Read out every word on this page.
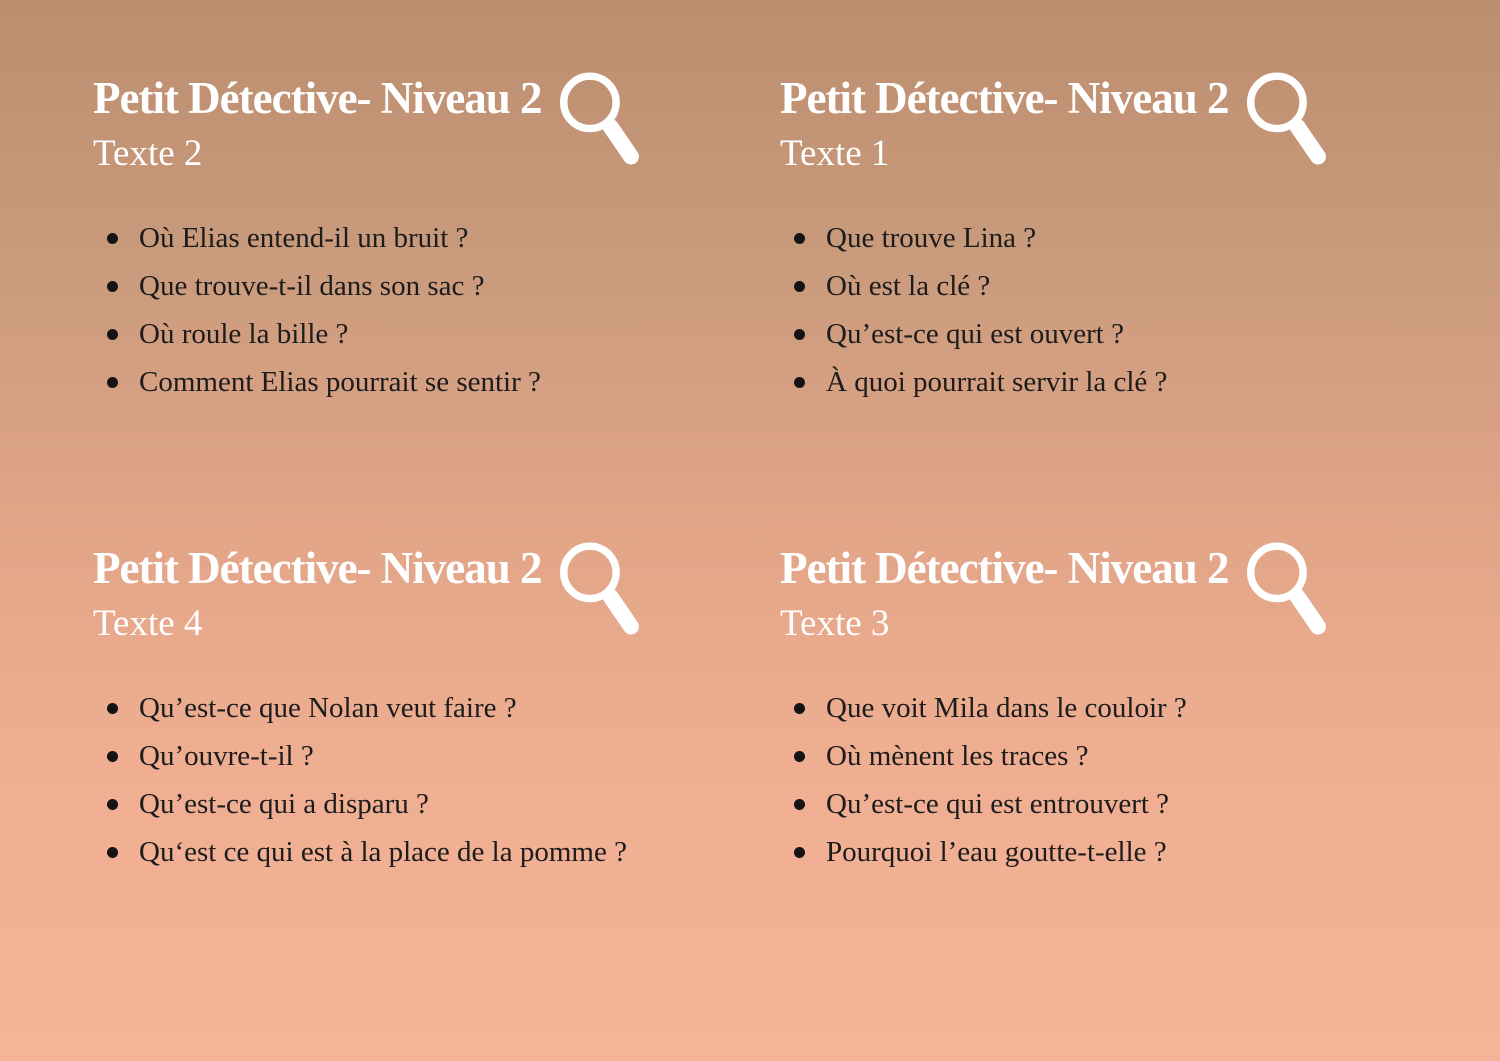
Petit Détective- Niveau 2
Texte 2
Où Elias entend-il un bruit ?
Que trouve-t-il dans son sac ?
Où roule la bille ?
Comment Elias pourrait se sentir ?
Petit Détective- Niveau 2
Texte 1
Que trouve Lina ?
Où est la clé ?
Qu’est-ce qui est ouvert ?
À quoi pourrait servir la clé ?
Petit Détective- Niveau 2
Texte 4
Qu’est-ce que Nolan veut faire ?
Qu’ouvre-t-il ?
Qu’est-ce qui a disparu ?
Qu‘est ce qui est à la place de la pomme ?
Petit Détective- Niveau 2
Texte 3
Que voit Mila dans le couloir ?
Où mènent les traces ?
Qu’est-ce qui est entrouvert ?
Pourquoi l’eau goutte-t-elle ?
